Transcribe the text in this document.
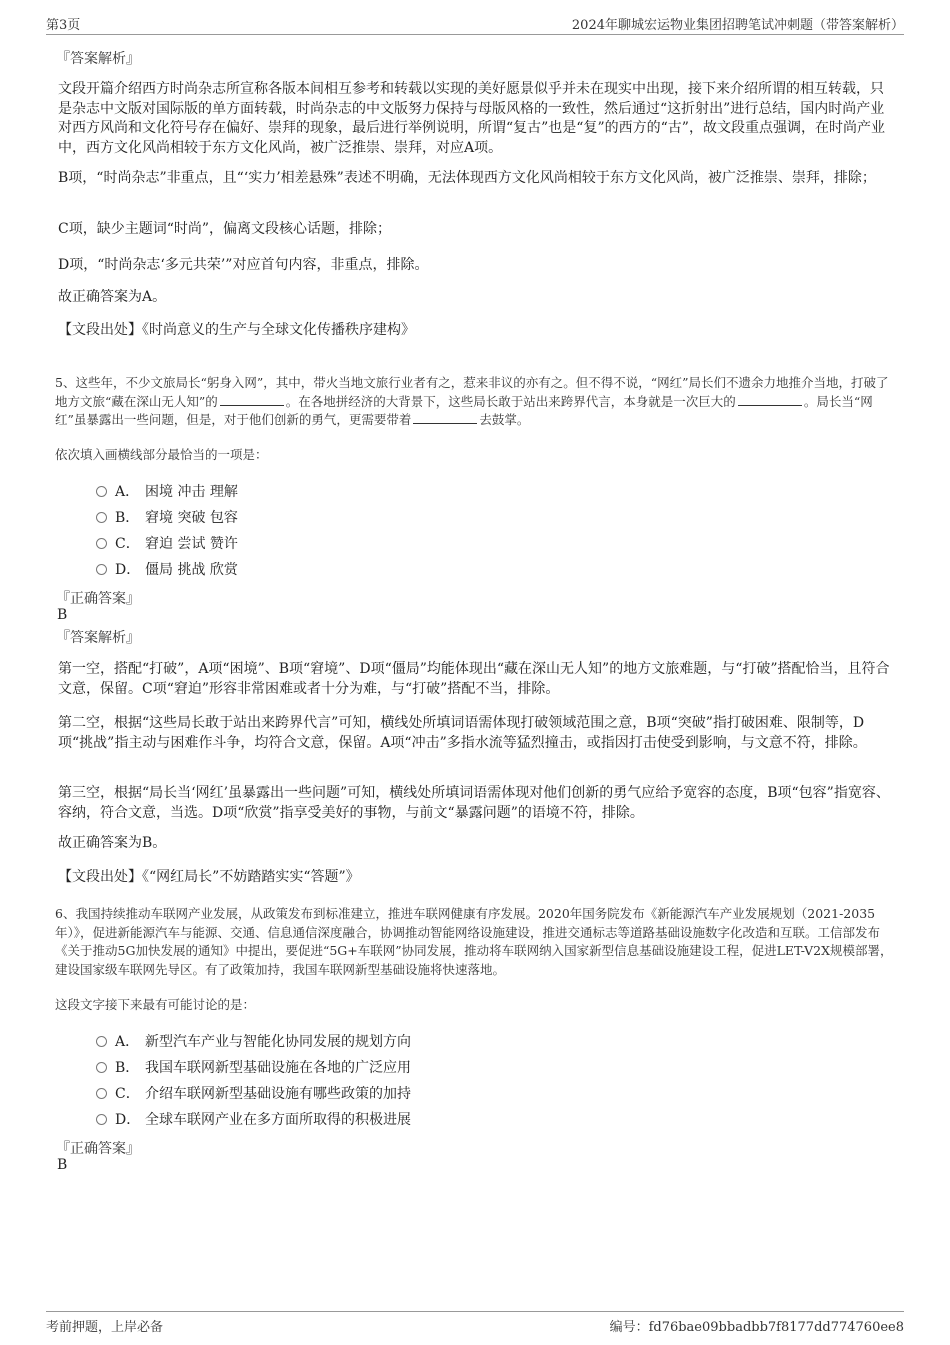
第3页	2024年聊城宏运物业集团招聘笔试冲刺题（带答案解析）
『答案解析』
文段开篇介绍西方时尚杂志所宣称各版本间相互参考和转载以实现的美好愿景似乎并未在现实中出现，接下来介绍所谓的相互转载，只是杂志中文版对国际版的单方面转载，时尚杂志的中文版努力保持与母版风格的一致性，然后通过“这折射出”进行总结，国内时尚产业对西方风尚和文化符号存在偏好、崇拜的现象，最后进行举例说明，所谓“复古”也是“复”的西方的“古”，故文段重点强调，在时尚产业中，西方文化风尚相较于东方文化风尚，被广泛推崇、崇拜，对应A项。
B项，“时尚杂志”非重点，且“‘实力’相差悬殊”表述不明确，无法体现西方文化风尚相较于东方文化风尚，被广泛推崇、崇拜，排除；
C项，缺少主题词“时尚”，偏离文段核心话题，排除；
D项，“时尚杂志‘多元共荣’”对应首句内容，非重点，排除。
故正确答案为A。
【文段出处】《时尚意义的生产与全球文化传播秩序建构》
5、这些年，不少文旅局长“躬身入网”，其中，带火当地文旅行业者有之，惹来非议的亦有之。但不得不说，“网红”局长们不遗余力地推介当地，打破了地方文旅“藏在深山无人知”的	。在各地拼经济的大背景下，这些局长敢于站出来跨界代言，本身就是一次巨大的	。局长当“网红”虽暴露出一些问题，但是，对于他们创新的勇气，更需要带着	去鼓掌。
依次填入画横线部分最恰当的一项是：
A． 困境 冲击 理解
B． 窘境 突破 包容
C． 窘迫 尝试 赞许
D． 僵局 挑战 欣赏
『正确答案』
B
『答案解析』
第一空，搭配“打破”，A项“困境”、B项“窘境”、D项“僵局”均能体现出“藏在深山无人知”的地方文旅难题，与“打破”搭配恰当，且符合文意，保留。C项“窘迫”形容非常困难或者十分为难，与“打破”搭配不当，排除。
第二空，根据“这些局长敢于站出来跨界代言”可知，横线处所填词语需体现打破领域范围之意，B项“突破”指打破困难、限制等，D项“挑战”指主动与困难作斗争，均符合文意，保留。A项“冲击”多指水流等猛烈撞击，或指因打击使受到影响，与文意不符，排除。
第三空，根据“局长当‘网红’虽暴露出一些问题”可知，横线处所填词语需体现对他们创新的勇气应给予宽容的态度，B项“包容”指宽容、容纳，符合文意，当选。D项“欣赏”指享受美好的事物，与前文“暴露问题”的语境不符，排除。
故正确答案为B。
【文段出处】《“网红局长”不妨踏踏实实“答题”》
6、我国持续推动车联网产业发展，从政策发布到标准建立，推进车联网健康有序发展。2020年国务院发布《新能源汽车产业发展规划（2021-2035年）》，促进新能源汽车与能源、交通、信息通信深度融合，协调推动智能网络设施建设，推进交通标志等道路基础设施数字化改造和互联。工信部发布《关于推动5G加快发展的通知》中提出，要促进“5G+车联网”协同发展，推动将车联网纳入国家新型信息基础设施建设工程，促进LET-V2X规模部署，建设国家级车联网先导区。有了政策加持，我国车联网新型基础设施将快速落地。
这段文字接下来最有可能讨论的是：
A． 新型汽车产业与智能化协同发展的规划方向
B． 我国车联网新型基础设施在各地的广泛应用
C． 介绍车联网新型基础设施有哪些政策的加持
D． 全球车联网产业在多方面所取得的积极进展
『正确答案』
B
考前押题，上岸必备	编号：fd76bae09bbadbb7f8177dd774760ee8
